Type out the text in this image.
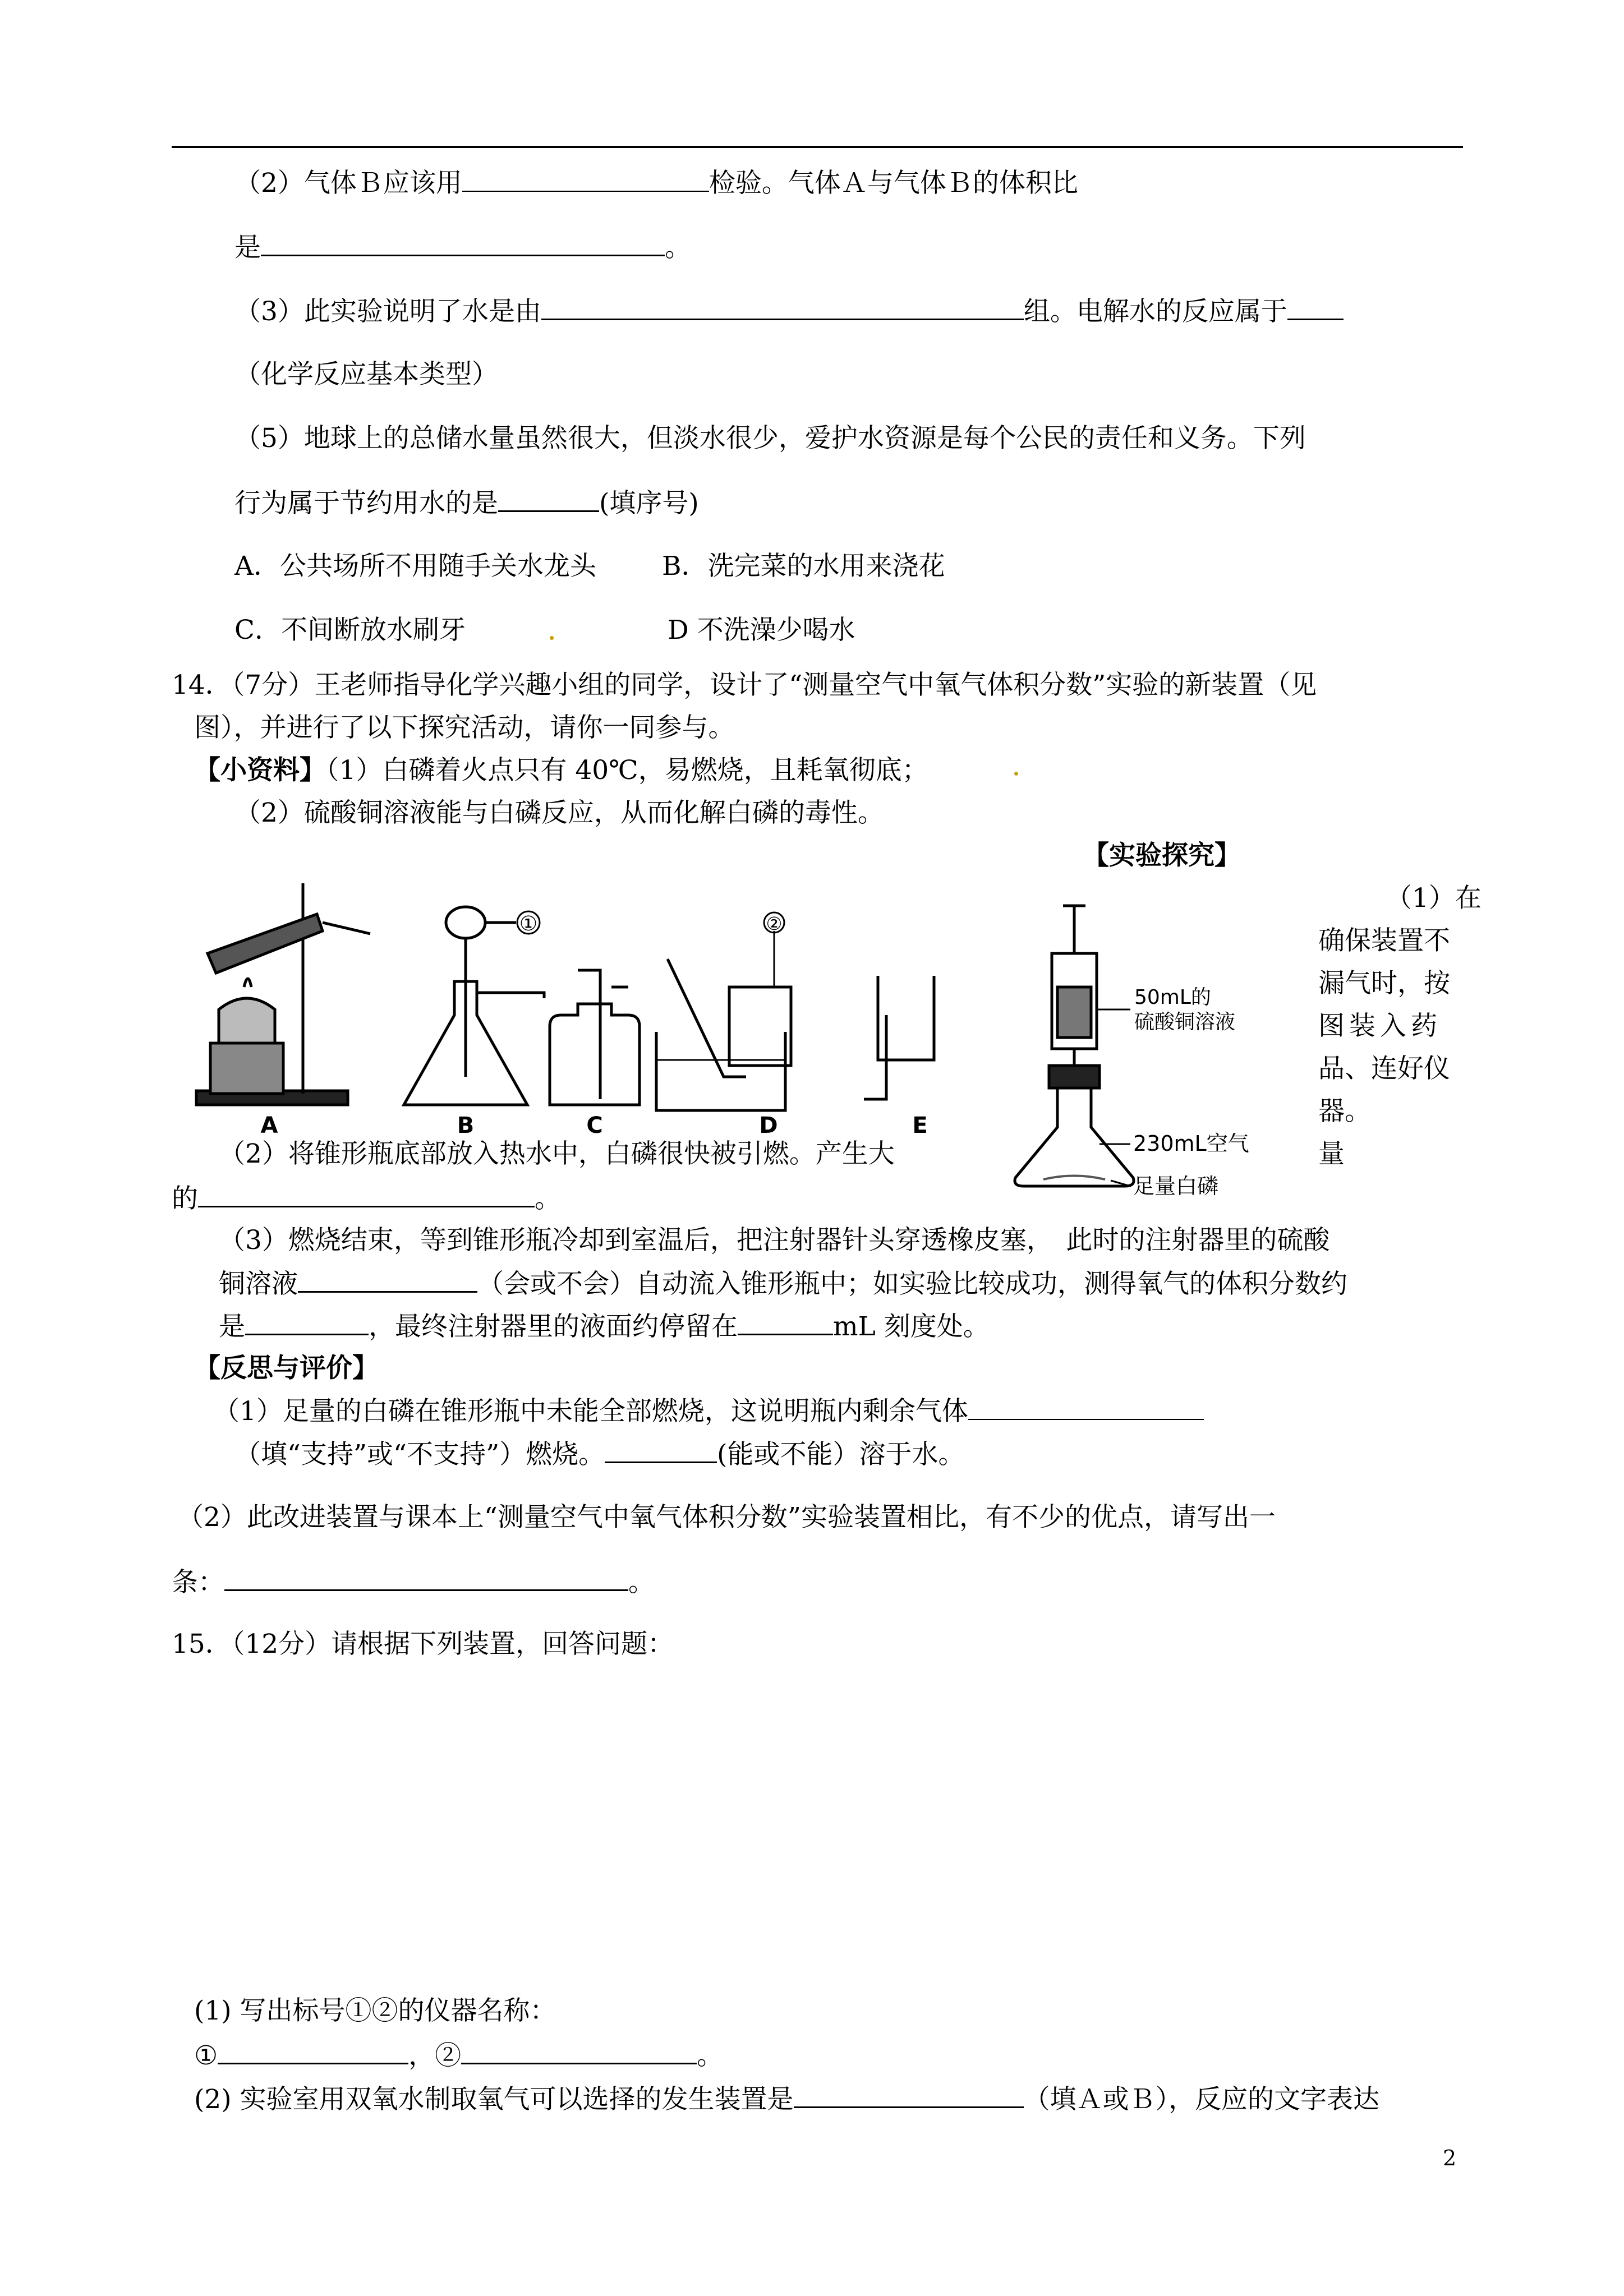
（2）气体Ｂ应该用	检验。气体Ａ与气体Ｂ的体积比
是	。
（3）此实验说明了水是由	组。电解水的反应属于
（化学反应基本类型）
（5）地球上的总储水量虽然很大，但淡水很少，爱护水资源是每个公民的责任和义务。下列
行为属于节约用水的是	(填序号)
A．公共场所不用随手关水龙头 B．洗完菜的水用来浇花
C．不间断放水刷牙	D 不洗澡少喝水
14．（7分）王老师指导化学兴趣小组的同学，设计了“测量空气中氧气体积分数”实验的新装置（见
图），并进行了以下探究活动，请你一同参与。
【小资料】（1）白磷着火点只有 40℃，易燃烧，且耗氧彻底；
（2）硫酸铜溶液能与白磷反应，从而化解白磷的毒性。
【实验探究】
（1）在
确保装置不
漏气时，按
图装入药
品、连好仪
器。
量
①	②
A	B	C	D	E
50mL的
硫酸铜溶液
230mL空气
足量白磷
（2）将锥形瓶底部放入热水中，白磷很快被引燃。产生大
的	。
（3）燃烧结束，等到锥形瓶冷却到室温后，把注射器针头穿透橡皮塞，　此时的注射器里的硫酸
铜溶液	（会或不会）自动流入锥形瓶中；如实验比较成功，测得氧气的体积分数约
是	，最终注射器里的液面约停留在	mL 刻度处。
【反思与评价】
（1）足量的白磷在锥形瓶中未能全部燃烧，这说明瓶内剩余气体
（填“支持”或“不支持”）燃烧。	(能或不能）溶于水。
（2）此改进装置与课本上“测量空气中氧气体积分数”实验装置相比，有不少的优点，请写出一
条：	。
15．（12分）请根据下列装置，回答问题：
(1) 写出标号①②的仪器名称：
①	，②	。
(2) 实验室用双氧水制取氧气可以选择的发生装置是	（填Ａ或Ｂ），反应的文字表达
2
